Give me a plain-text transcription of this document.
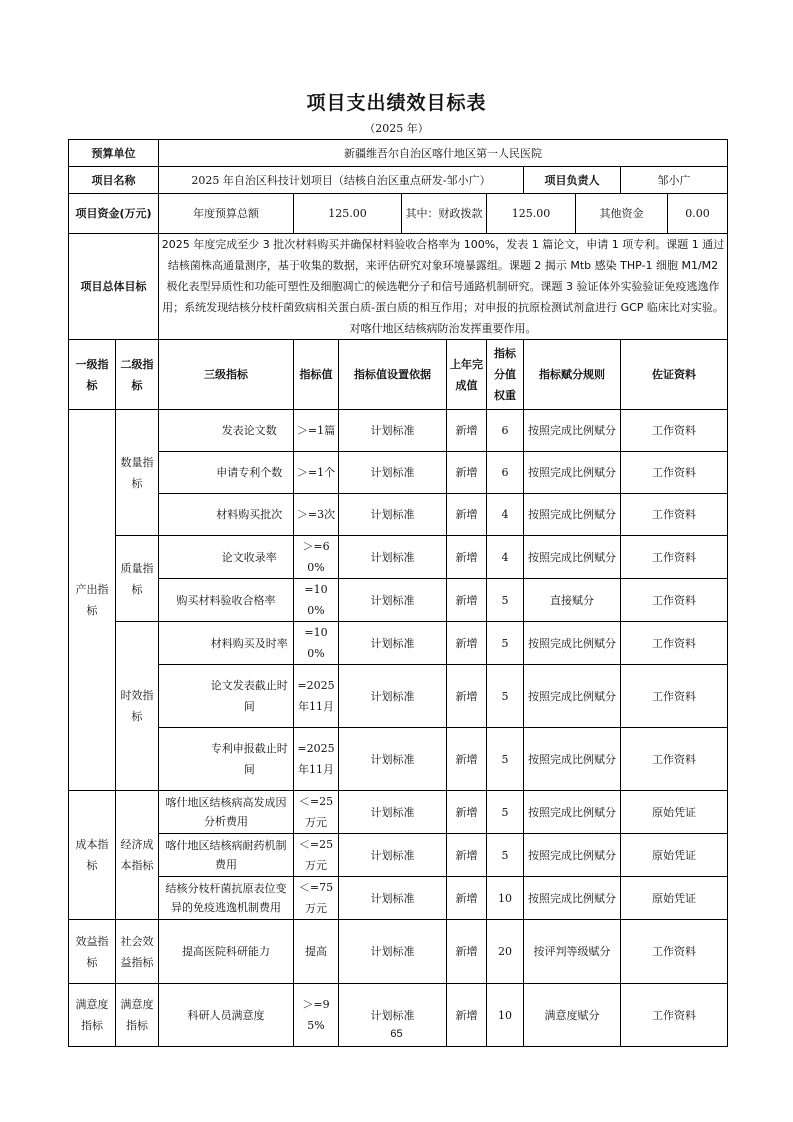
项目支出绩效目标表
（2025 年）
预算单位		新疆维吾尔自治区喀什地区第一人民医院										
项目名称		2025 年自治区科技计划项目（结核自治区重点研发-邹小广）							项目负责人		邹小广	
项目资金(万元)		年度预算总额		125.00		其中：财政拨款		125.00		其他资金		0.00
项目总体目标		2025 年度完成至少 3 批次材料购买并确保材料验收合格率为 100%，发表 1 篇论文，申请 1 项专利。课题 1 通过结核菌株高通量测序，基于收集的数据，来评估研究对象环境暴露组。课题 2 揭示 Mtb 感染 THP-1 细胞 M1/M2 极化表型异质性和功能可塑性及细胞凋亡的候选靶分子和信号通路机制研究。课题 3 验证体外实验验证免疫逃逸作用；系统发现结核分枝杆菌致病相关蛋白质-蛋白质的相互作用；对申报的抗原检测试剂盒进行 GCP 临床比对实验。对喀什地区结核病防治发挥重要作用。										
一级指标	二级指标	三级指标		指标值	指标值设置依据		上年完成值	指标分值权重	指标赋分规则		佐证资料	
产出指标	数量指标		发表论文数	＞=1篇	计划标准		新增	6	按照完成比例赋分		工作资料	
			申请专利个数	＞=1个	计划标准		新增	6	按照完成比例赋分		工作资料	
			材料购买批次	＞=3次	计划标准		新增	4	按照完成比例赋分		工作资料	
	质量指标		论文收录率	＞=60%	计划标准		新增	4	按照完成比例赋分		工作资料	
		购买材料验收合格率		=100%	计划标准		新增	5	直接赋分		工作资料	
	时效指标		材料购买及时率	=100%	计划标准		新增	5	按照完成比例赋分		工作资料	
			论文发表截止时间	=2025年11月	计划标准		新增	5	按照完成比例赋分		工作资料	
			专利申报截止时间	=2025年11月	计划标准		新增	5	按照完成比例赋分		工作资料	
成本指标	经济成本指标	喀什地区结核病高发成因分析费用		＜=25万元	计划标准		新增	5	按照完成比例赋分		原始凭证	
		喀什地区结核病耐药机制费用		＜=25万元	计划标准		新增	5	按照完成比例赋分		原始凭证	
		结核分枝杆菌抗原表位变异的免疫逃逸机制费用		＜=75万元	计划标准		新增	10	按照完成比例赋分		原始凭证	
效益指标	社会效益指标	提高医院科研能力		提高	计划标准		新增	20	按评判等级赋分		工作资料	
满意度指标	满意度指标	科研人员满意度		＞=95%	计划标准		新增	10	满意度赋分		工作资料	
65
